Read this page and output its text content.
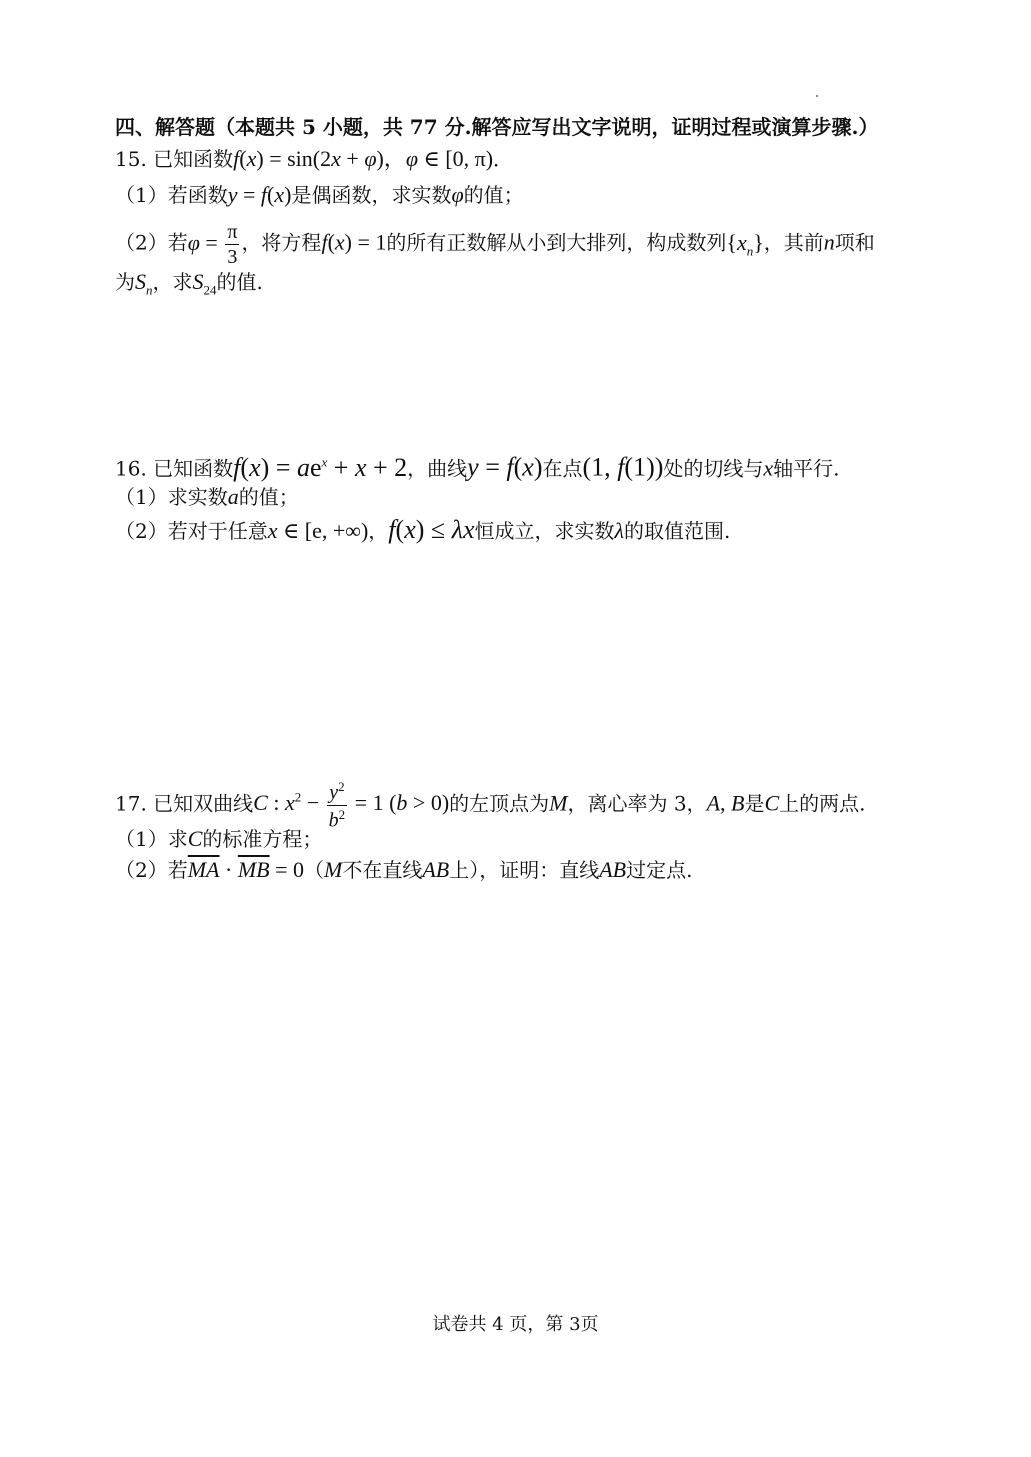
四、解答题（本题共 5 小题，共 77 分.解答应写出文字说明，证明过程或演算步骤.）
15. 已知函数f(x) = sin(2x + φ)，φ ∈ [0, π)．
（1）若函数y = f(x)是偶函数，求实数φ的值；
（2）若$\varphi = \frac{\pi}{3}$ ，将方程f(x) = 1的所有正数解从小到大排列，构成数列$\{x_n\}$，其前n项和
为$S_n$，求$S_{24}$的值.
16. 已知函数$f(x) = ae^x + x + 2$，曲线y = f(x)在点(1, f(1))处的切线与x轴平行.
（1）求实数a的值；
（2）若对于任意x ∈ [e, +∞)，f(x) ≤ λx恒成立，求实数λ的取值范围.
17. 已知双曲线C : $x^2 - \frac{y^2}{b^2} = 1$ (b > 0)的左顶点为M，离心率为 3，A, B是C上的两点.
（1）求C的标准方程；
（2）若$\overline{MA} \cdot \overline{MB} = 0(M$不在直线AB上），证明：直线AB过定点.
试卷共 4 页，第 3页
